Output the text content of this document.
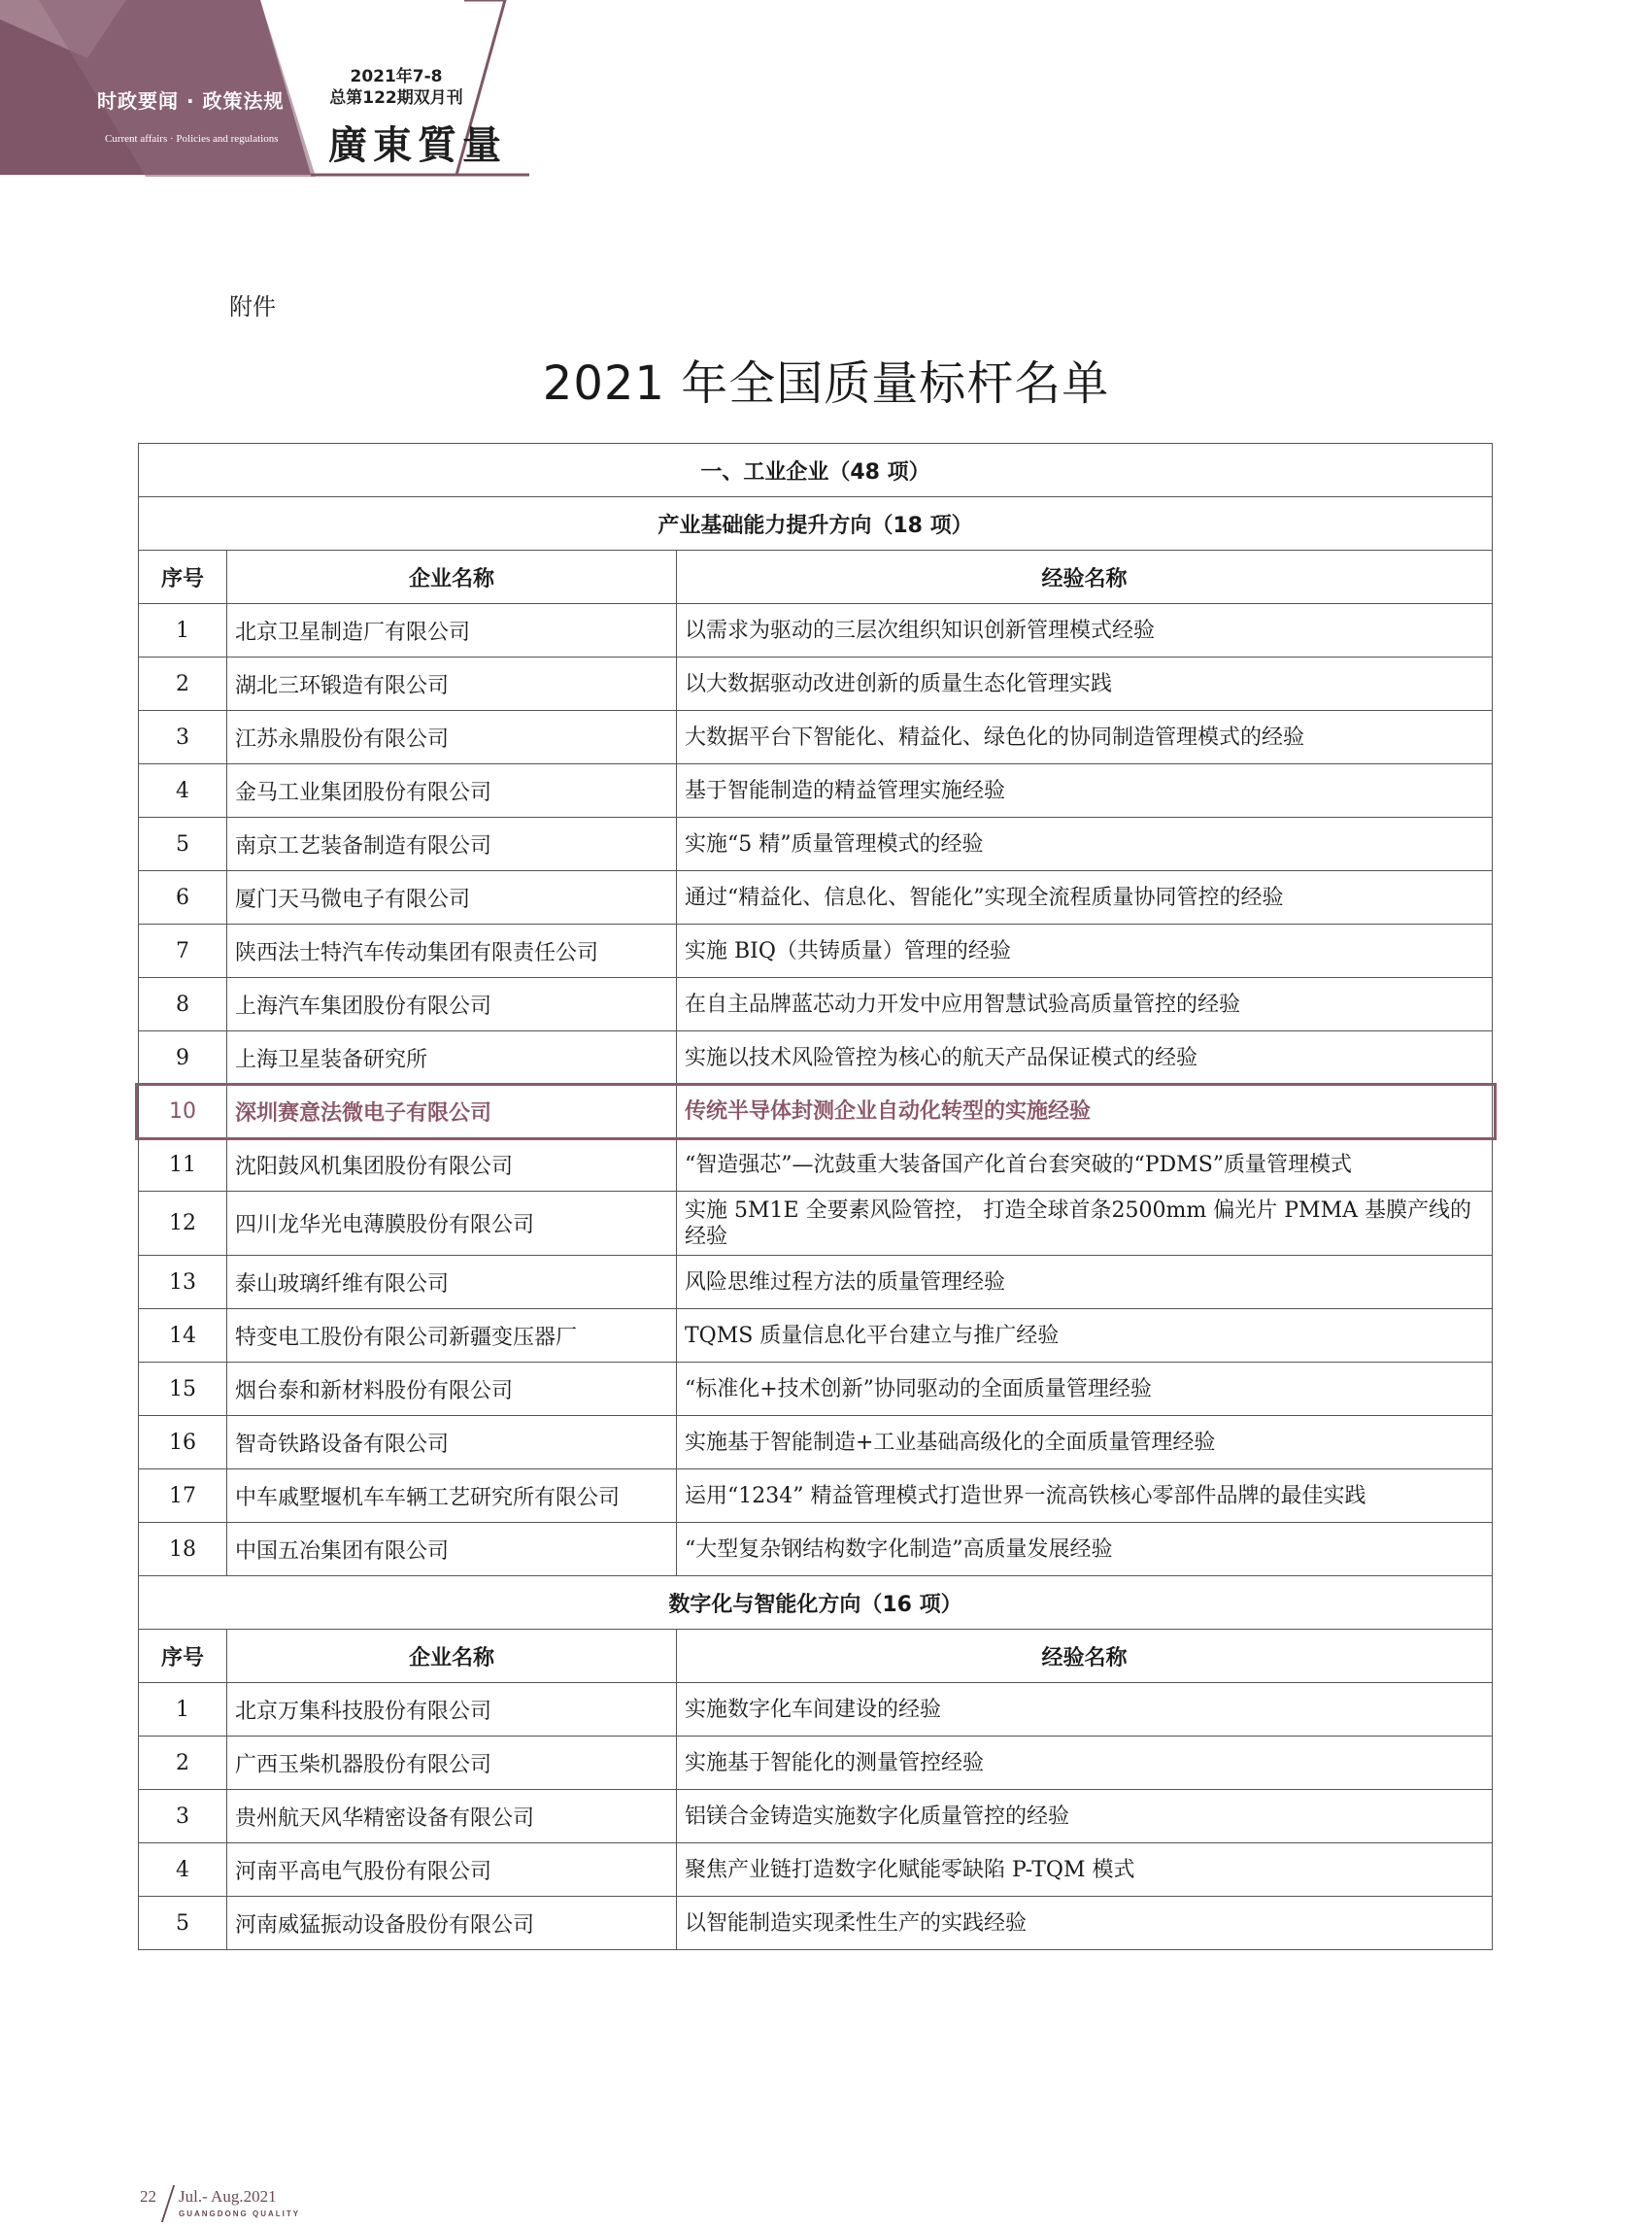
时政要闻 · 政策法规
Current affairs · Policies and regulations
2021年7-8
总第122期双月刊
廣東質量
附件
2021 年全国质量标杆名单
一、工业企业（48 项）		
产业基础能力提升方向（18 项）		
序号	企业名称	经验名称
1	北京卫星制造厂有限公司	以需求为驱动的三层次组织知识创新管理模式经验
2	湖北三环锻造有限公司	以大数据驱动改进创新的质量生态化管理实践
3	江苏永鼎股份有限公司	大数据平台下智能化、精益化、绿色化的协同制造管理模式的经验
4	金马工业集团股份有限公司	基于智能制造的精益管理实施经验
5	南京工艺装备制造有限公司	实施“5 精”质量管理模式的经验
6	厦门天马微电子有限公司	通过“精益化、信息化、智能化”实现全流程质量协同管控的经验
7	陕西法士特汽车传动集团有限责任公司	实施 BIQ（共铸质量）管理的经验
8	上海汽车集团股份有限公司	在自主品牌蓝芯动力开发中应用智慧试验高质量管控的经验
9	上海卫星装备研究所	实施以技术风险管控为核心的航天产品保证模式的经验
10	深圳赛意法微电子有限公司	传统半导体封测企业自动化转型的实施经验
11	沈阳鼓风机集团股份有限公司	“智造强芯”—沈鼓重大装备国产化首台套突破的“PDMS”质量管理模式
12	四川龙华光电薄膜股份有限公司	实施 5M1E 全要素风险管控， 打造全球首条2500mm 偏光片 PMMA 基膜产线的经验
13	泰山玻璃纤维有限公司	风险思维过程方法的质量管理经验
14	特变电工股份有限公司新疆变压器厂	TQMS 质量信息化平台建立与推广经验
15	烟台泰和新材料股份有限公司	“标准化+技术创新”协同驱动的全面质量管理经验
16	智奇铁路设备有限公司	实施基于智能制造+工业基础高级化的全面质量管理经验
17	中车戚墅堰机车车辆工艺研究所有限公司	运用“1234” 精益管理模式打造世界一流高铁核心零部件品牌的最佳实践
18	中国五冶集团有限公司	“大型复杂钢结构数字化制造”高质量发展经验
数字化与智能化方向（16 项）		
序号	企业名称	经验名称
1	北京万集科技股份有限公司	实施数字化车间建设的经验
2	广西玉柴机器股份有限公司	实施基于智能化的测量管控经验
3	贵州航天风华精密设备有限公司	铝镁合金铸造实施数字化质量管控的经验
4	河南平高电气股份有限公司	聚焦产业链打造数字化赋能零缺陷 P-TQM 模式
5	河南威猛振动设备股份有限公司	以智能制造实现柔性生产的实践经验
22 Jul.- Aug.2021
GUANGDONG QUALITY
